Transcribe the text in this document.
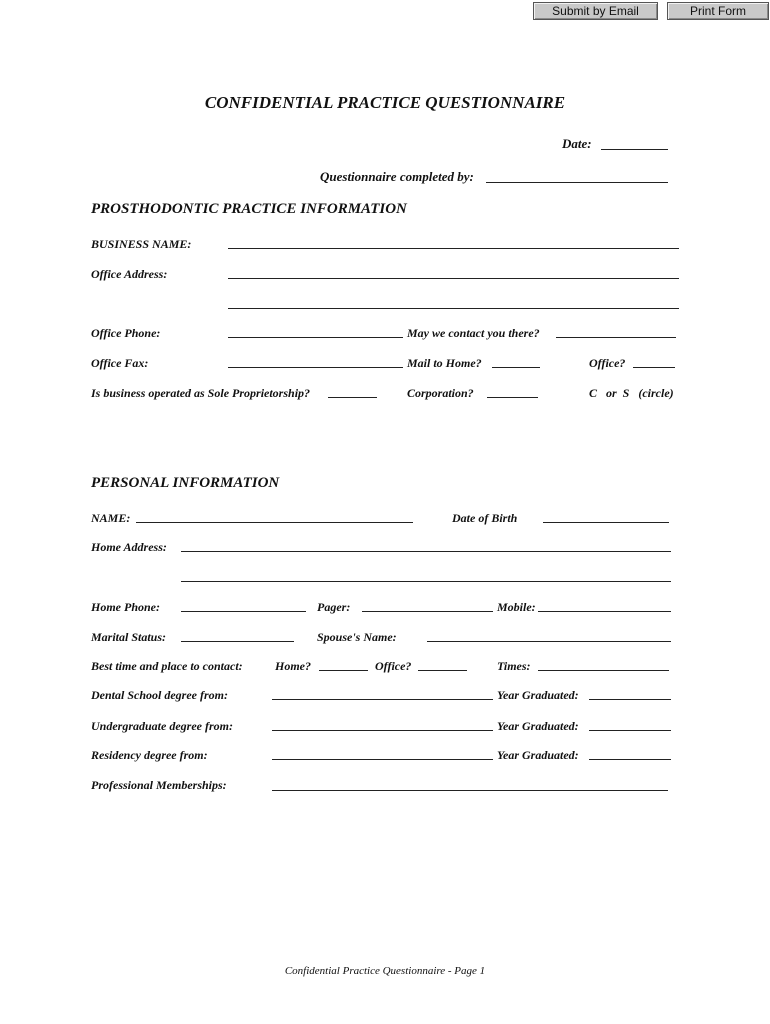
Submit by Email	Print Form
CONFIDENTIAL PRACTICE QUESTIONNAIRE
Date:
Questionnaire completed by:
PROSTHODONTIC PRACTICE INFORMATION
BUSINESS NAME:
Office Address:
Office Phone:	May we contact you there?
Office Fax:	Mail to Home?	Office?
Is business operated as Sole Proprietorship?	Corporation?	C   or  S   (circle)
PERSONAL INFORMATION
NAME:	Date of Birth
Home Address:
Home Phone:	Pager:	Mobile:
Marital Status:	Spouse's Name:
Best time and place to contact:	Home?	Office?	Times:
Dental School degree from:	Year Graduated:
Undergraduate degree from:	Year Graduated:
Residency degree from:	Year Graduated:
Professional Memberships:
Confidential Practice Questionnaire - Page 1
